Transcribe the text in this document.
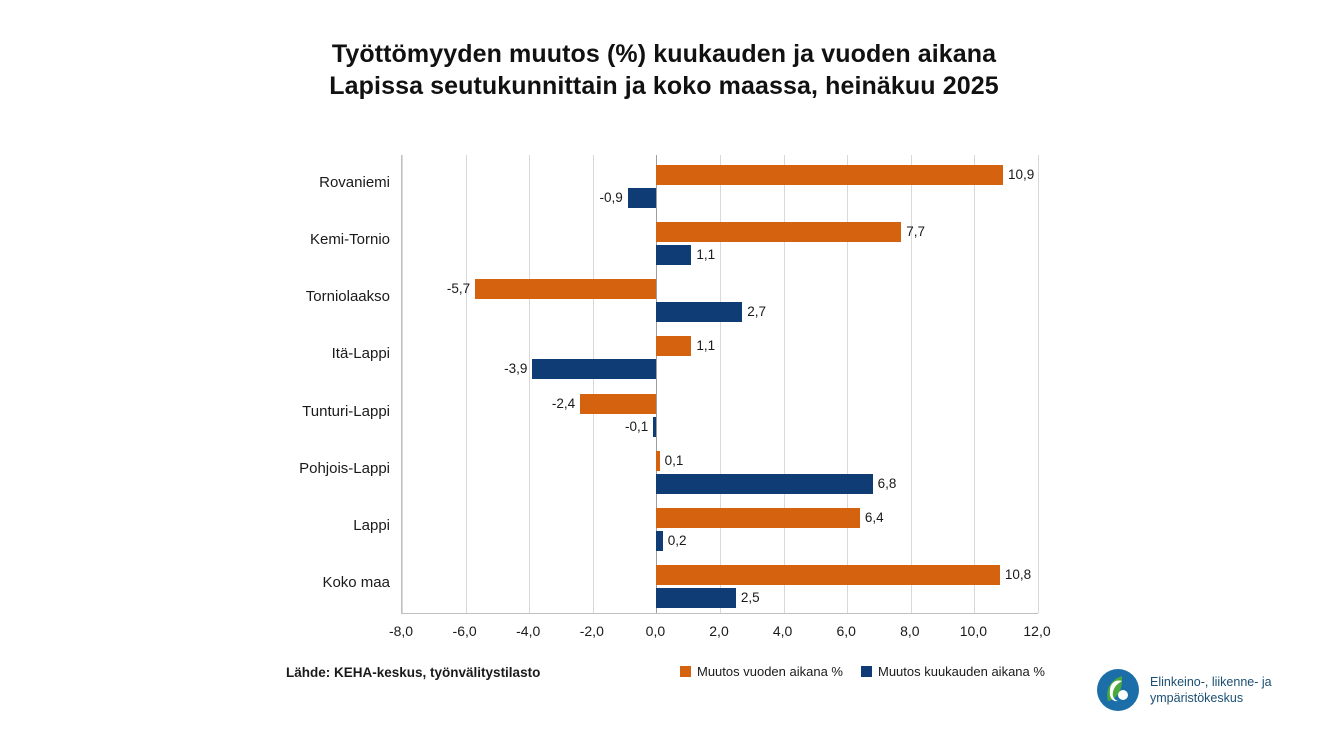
Työttömyyden muutos (%) kuukauden ja vuoden aikana
Lapissa seutukunnittain ja koko maassa, heinäkuu 2025
Rovaniemi
Kemi-Tornio
Torniolaakso
Itä-Lappi
Tunturi-Lappi
Pohjois-Lappi
Lappi
Koko maa
10,9
-0,9
7,7
1,1
-5,7
2,7
1,1
-3,9
-2,4
-0,1
0,1
6,8
6,4
0,2
10,8
2,5
-8,0	-6,0	-4,0	-2,0	0,0	2,0	4,0	6,0	8,0	10,0	12,0
Lähde: KEHA-keskus, työnvälitystilasto	Muutos vuoden aikana %	Muutos kuukauden aikana %
Elinkeino-, liikenne- ja
ympäristökeskus
